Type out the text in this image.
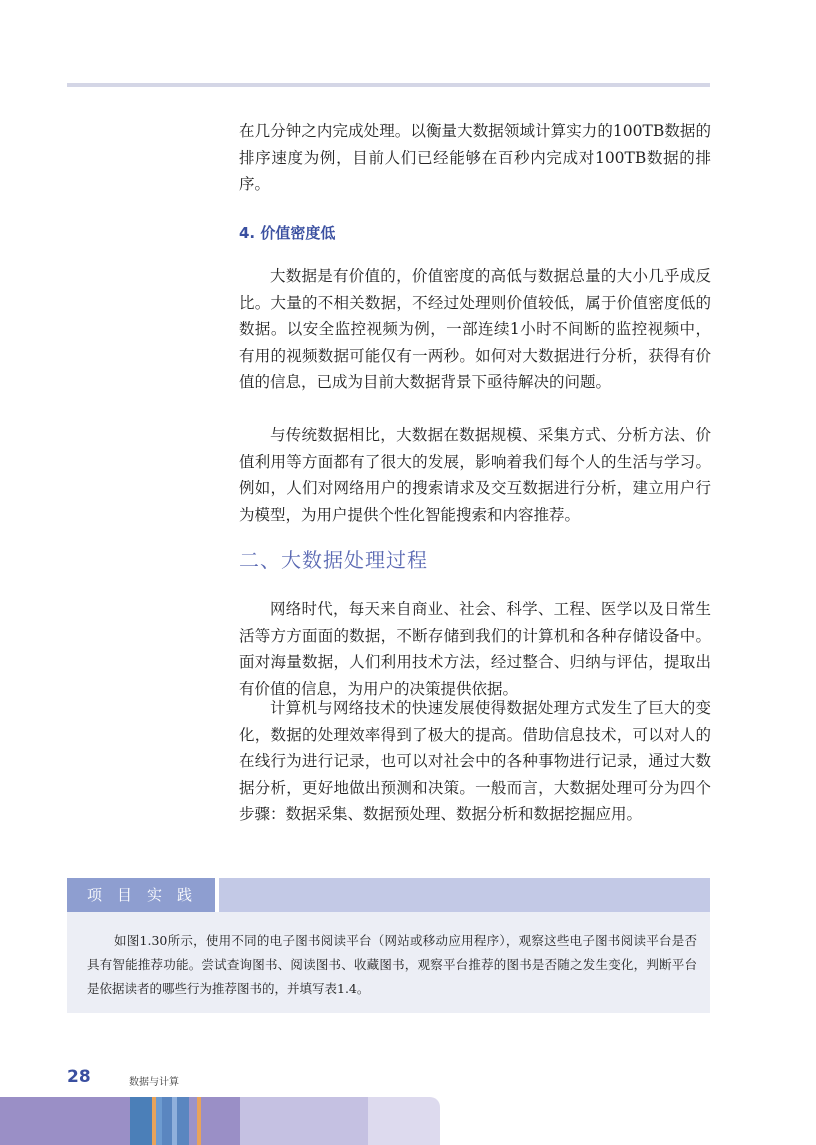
在几分钟之内完成处理。以衡量大数据领域计算实力的100TB数据的排序速度为例，目前人们已经能够在百秒内完成对100TB数据的排序。

4. 价值密度低

大数据是有价值的，价值密度的高低与数据总量的大小几乎成反比。大量的不相关数据，不经过处理则价值较低，属于价值密度低的数据。以安全监控视频为例，一部连续1小时不间断的监控视频中，有用的视频数据可能仅有一两秒。如何对大数据进行分析，获得有价值的信息，已成为目前大数据背景下亟待解决的问题。

与传统数据相比，大数据在数据规模、采集方式、分析方法、价值利用等方面都有了很大的发展，影响着我们每个人的生活与学习。例如，人们对网络用户的搜索请求及交互数据进行分析，建立用户行为模型，为用户提供个性化智能搜索和内容推荐。

二、大数据处理过程

网络时代，每天来自商业、社会、科学、工程、医学以及日常生活等方方面面的数据，不断存储到我们的计算机和各种存储设备中。面对海量数据，人们利用技术方法，经过整合、归纳与评估，提取出有价值的信息，为用户的决策提供依据。

计算机与网络技术的快速发展使得数据处理方式发生了巨大的变化，数据的处理效率得到了极大的提高。借助信息技术，可以对人的在线行为进行记录，也可以对社会中的各种事物进行记录，通过大数据分析，更好地做出预测和决策。一般而言，大数据处理可分为四个步骤：数据采集、数据预处理、数据分析和数据挖掘应用。

项目实践

如图1.30所示，使用不同的电子图书阅读平台（网站或移动应用程序），观察这些电子图书阅读平台是否具有智能推荐功能。尝试查询图书、阅读图书、收藏图书，观察平台推荐的图书是否随之发生变化，判断平台是依据读者的哪些行为推荐图书的，并填写表1.4。

28	数据与计算
